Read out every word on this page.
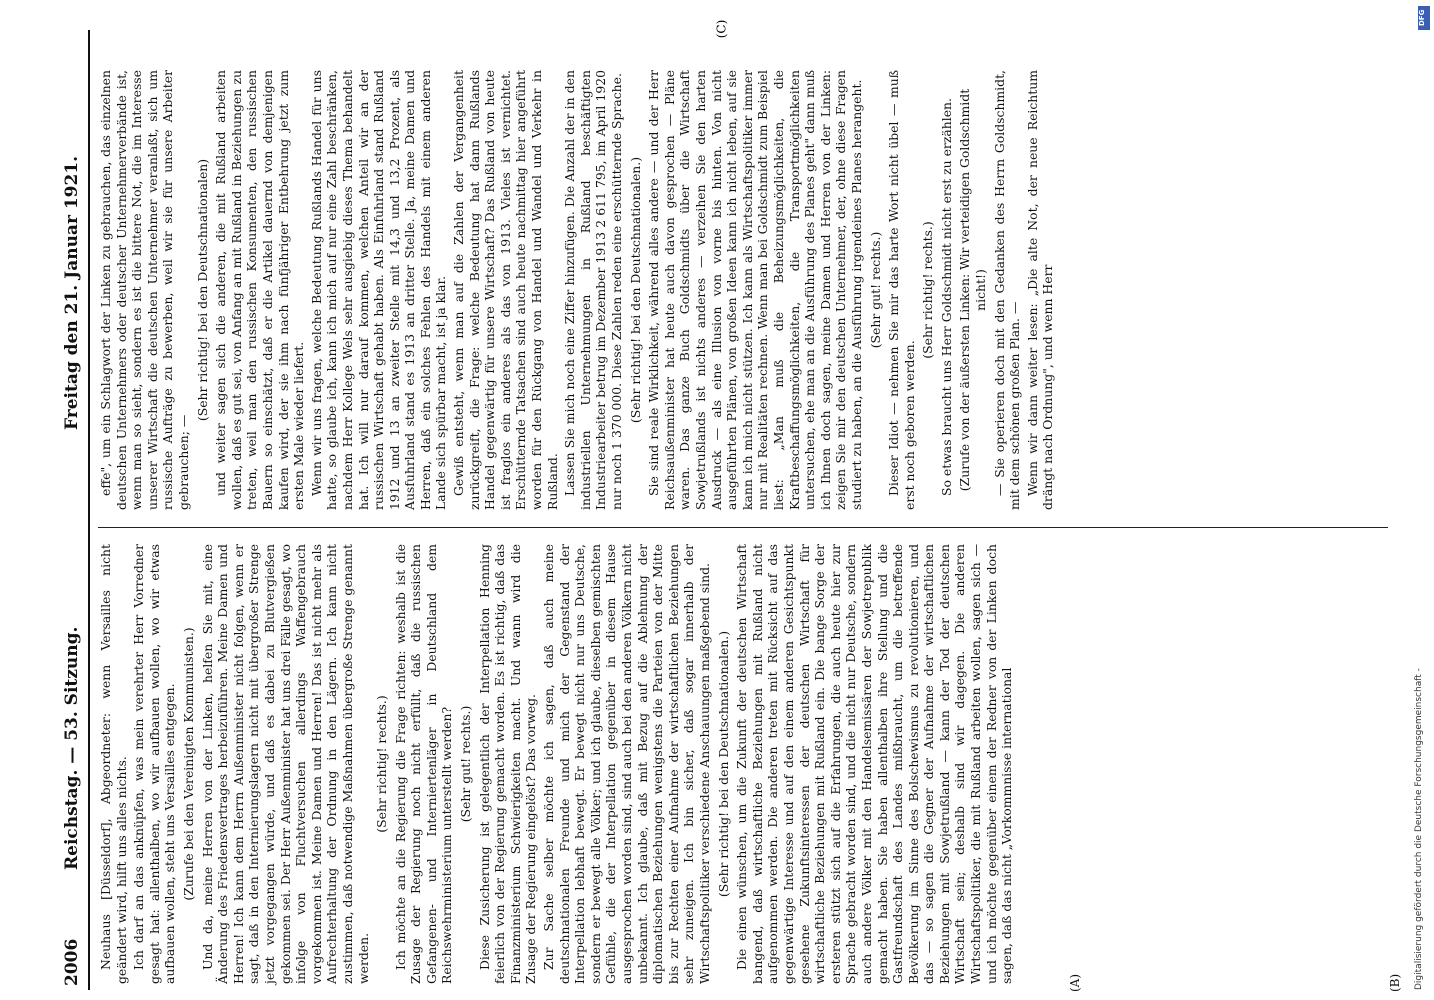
2006
Reichstag. — 53. Sitzung.
Freitag den 21. Januar 1921.

Neuhaus [Düsseldorf], Abgeordneter: wenn Versailles nicht geändert wird, hilft uns alles nichts. Ich darf an das anknüpfen, was mein verehrter Herr Vorredner gesagt hat: allenthalben, wo wir aufbauen wollen, wo wir etwas aufbauen wollen, steht uns Versailles entgegen. (Zurufe bei den Vereinigten Kommunisten.) Und da, meine Herren von der Linken, helfen Sie mit, eine Änderung des Friedensvertrages herbeizuführen. Meine Damen und Herren! Ich kann dem Herrn Außenminister nicht folgen, wenn er sagt, daß in den Internierungslagern nicht mit übergroßer Strenge jetzt vorgegangen würde, und daß es dabei zu Blutvergießen gekommen sei. Der Herr Außenminister hat uns drei Fälle gesagt, wo infolge von Fluchtversuchen allerdings Waffengebrauch vorgekommen ist. Meine Damen und Herren! Das ist nicht mehr als Aufrechterhaltung der Ordnung in den Lägern. Ich kann nicht zustimmen, daß notwendige Maßnahmen übergroße Strenge genannt werden.

(Sehr richtig! rechts.) Ich möchte an die Regierung die Frage richten: weshalb ist die Zusage der Regierung noch nicht erfüllt, daß die russischen Gefangenen- und Interniertenläger in Deutschland dem Reichswehrministerium unterstellt werden? (Sehr gut! rechts.) Diese Zusicherung ist gelegentlich der Interpellation Henning feierlich von der Regierung gemacht worden. Es ist richtig, daß das Finanzministerium Schwierigkeiten macht. Und wann wird die Zusage der Regierung eingelöst? Das vorweg. Zur Sache selber möchte ich sagen, daß auch meine deutschnationalen Freunde und mich der Gegenstand der Interpellation lebhaft bewegt. Er bewegt nicht nur uns Deutsche, sondern er bewegt alle Völker; und ich glaube, dieselben gemischten Gefühle, die der Interpellation gegenüber in diesem Hause ausgesprochen worden sind, sind auch bei den anderen Völkern nicht unbekannt. Ich glaube, daß mit Bezug auf die Ablehnung der diplomatischen Beziehungen wenigstens die Parteien von der Mitte bis zur Rechten einer Aufnahme der wirtschaftlichen Beziehungen sehr zuneigen. Ich bin sicher, daß sogar innerhalb der Wirtschaftspolitiker verschiedene Anschauungen maßgebend sind. (Sehr richtig! bei den Deutschnationalen.) Die einen wünschen, um die Zukunft der deutschen Wirtschaft bangend, daß wirtschaftliche Beziehungen mit Rußland nicht aufgenommen werden. Die anderen treten mit Rücksicht auf das gegenwärtige Interesse und auf den einem anderen Gesichtspunkt gesehene Zukunftsinteressen der deutschen Wirtschaft für wirtschaftliche Beziehungen mit Rußland ein. Die bange Sorge der ersteren stützt sich auf die Erfahrungen, die auch heute hier zur Sprache gebracht worden sind, und die nicht nur Deutsche, sondern auch andere Völker mit den Handelsemissären der Sowjetrepublik gemacht haben. Sie haben allenthalben ihre Stellung und die Gastfreundschaft des Landes mißbraucht, um die betreffende Bevölkerung im Sinne des Bolschewismus zu revolutionieren, und das — so sagen die Gegner der Aufnahme der wirtschaftlichen Beziehungen mit Sowjetrußland — kann der Tod der deutschen Wirtschaft sein; deshalb sind wir dagegen. Die anderen Wirtschaftspolitiker, die mit Rußland arbeiten wollen, sagen sich — und ich möchte gegenüber einem der Redner von der Linken doch sagen, daß das nicht „Vorkommnisse international

effe", um ein Schlagwort der Linken zu gebrauchen, das einzelnen deutschen Unternehmers oder deutscher Unternehmerverbände ist, wenn man so sieht, sondern es ist die bittere Not, die im Interesse unserer Wirtschaft die deutschen Unternehmer veranlaßt, sich um russische Aufträge zu bewerben, weil wir sie für unsere Arbeiter gebrauchen; —

(Sehr richtig! bei den Deutschnationalen) und weiter sagen sich die anderen, die mit Rußland arbeiten wollen, daß es gut sei, von Anfang an mit Rußland in Beziehungen zu treten, weil man den russischen Konsumenten, den russischen Bauern so einschätzt, daß er die Artikel dauernd von demjenigen kaufen wird, der sie ihm nach fünfjähriger Entbehrung jetzt zum ersten Male wieder liefert. Wenn wir uns fragen, welche Bedeutung Rußlands Handel für uns hatte, so glaube ich, kann ich mich auf nur eine Zahl beschränken, nachdem Herr Kollege Wels sehr ausgiebig dieses Thema behandelt hat. Ich will nur darauf kommen, welchen Anteil wir an der russischen Wirtschaft gehabt haben. Als Einfuhrland stand Rußland 1912 und 13 an zweiter Stelle mit 14,3 und 13,2 Prozent, als Ausfuhrland stand es 1913 an dritter Stelle. Ja, meine Damen und Herren, daß ein solches Fehlen des Handels mit einem anderen Lande sich spürbar macht, ist ja klar. Gewiß entsteht, wenn man auf die Zahlen der Vergangenheit zurückgreift, die Frage: welche Bedeutung hat dann Rußlands Handel gegenwärtig für unsere Wirtschaft? Das Rußland von heute ist fraglos ein anderes als das von 1913. Vieles ist vernichtet. Erschütternde Tatsachen sind auch heute nachmittag hier angeführt worden für den Rückgang von Handel und Wandel und Verkehr in Rußland. Lassen Sie mich noch eine Ziffer hinzufügen. Die Anzahl der in den industriellen Unternehmungen in Rußland beschäftigten Industriearbeiter betrug im Dezember 1913 2 611 795, im April 1920 nur noch 1 370 000. Diese Zahlen reden eine erschütternde Sprache. (Sehr richtig! bei den Deutschnationalen.) Sie sind reale Wirklichkeit, während alles andere — und der Herr Reichsaußenminister hat heute auch davon gesprochen — Pläne waren. Das ganze Buch Goldschmidts über die Wirtschaft Sowjetrußlands ist nichts anderes — verzeihen Sie den harten Ausdruck — als eine Illusion von vorne bis hinten. Von nicht ausgeführten Plänen, von großen Ideen kann ich nicht leben, auf sie kann ich mich nicht stützen. Ich kann als Wirtschaftspolitiker immer nur mit Realitäten rechnen. Wenn man bei Goldschmidt zum Beispiel liest: „Man muß die Beheizungsmöglichkeiten, die Kraftbeschaffungsmöglichkeiten, die Transportmöglichkeiten untersuchen, ehe man an die Ausführung des Planes geht" dann muß ich Ihnen doch sagen, meine Damen und Herren von der Linken: zeigen Sie mir den deutschen Unternehmer, der, ohne diese Fragen studiert zu haben, an die Ausführung irgendeines Planes herangeht. (Sehr gut! rechts.) Dieser Idiot — nehmen Sie mir das harte Wort nicht übel — muß erst noch geboren werden.

(Sehr richtig! rechts.) So etwas braucht uns Herr Goldschmidt nicht erst zu erzählen. (Zurufe von der äußersten Linken: Wir verteidigen Goldschmidt nicht!) — Sie operieren doch mit den Gedanken des Herrn Goldschmidt, mit dem schönen großen Plan. — Wenn wir dann weiter lesen: „Die alte Not, der neue Reichtum drängt nach Ordnung", und wenn Herr

(A)	(B)
(C)
Digitalisierung gefördert durch die Deutsche Forschungsgemeinschaft -
DFG
